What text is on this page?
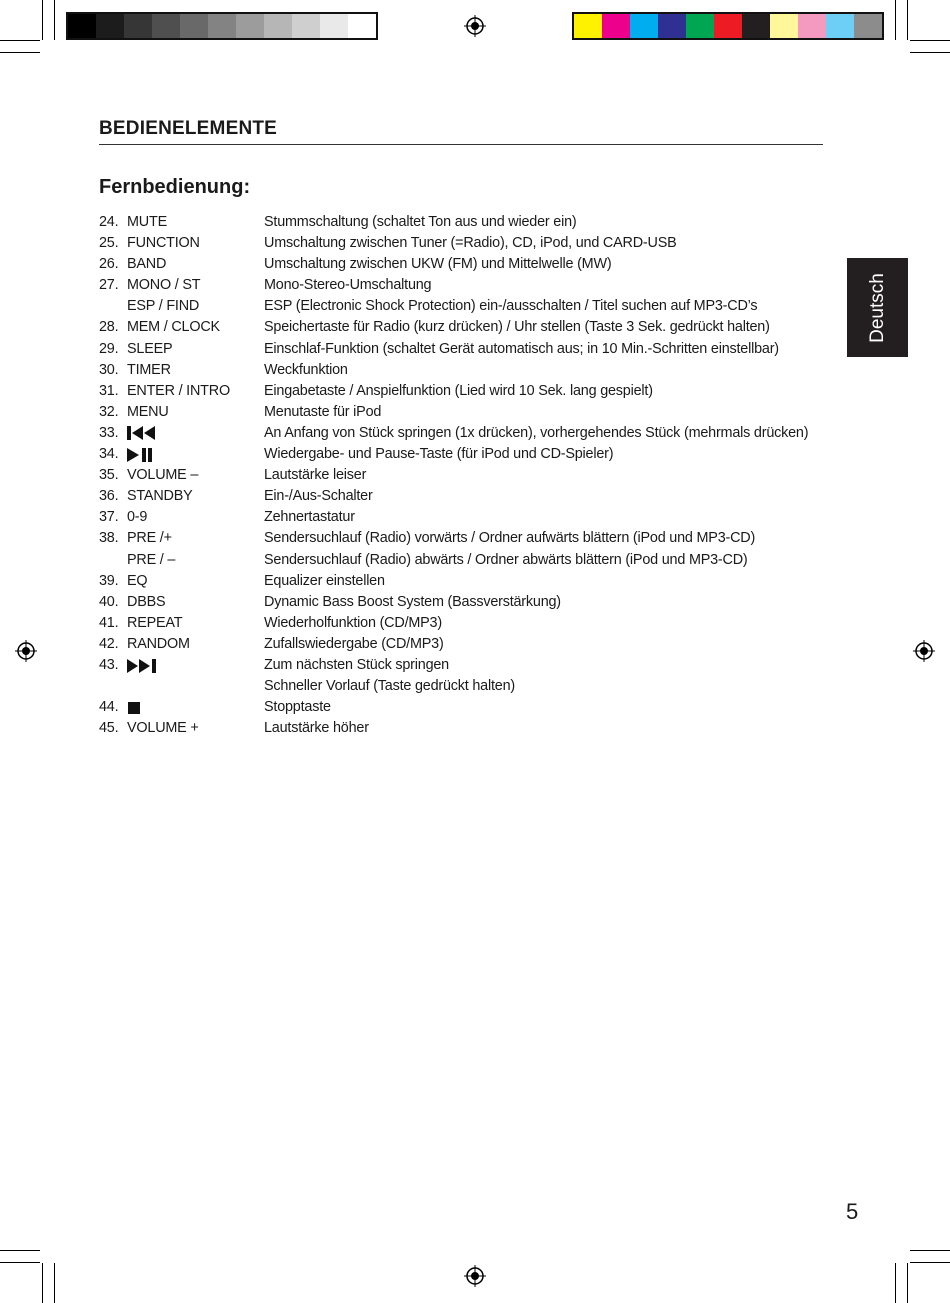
BEDIENELEMENTE
Fernbedienung:
24. MUTE	Stummschaltung (schaltet Ton aus und wieder ein)
25. FUNCTION	Umschaltung zwischen Tuner (=Radio), CD, iPod, und CARD-USB
26. BAND	Umschaltung zwischen UKW (FM) und Mittelwelle (MW)
27. MONO / ST	Mono-Stereo-Umschaltung
ESP / FIND	ESP (Electronic Shock Protection) ein-/ausschalten / Titel suchen auf MP3-CD’s
28. MEM / CLOCK	Speichertaste für Radio (kurz drücken) / Uhr stellen (Taste 3 Sek. gedrückt halten)
29. SLEEP	Einschlaf-Funktion (schaltet Gerät automatisch aus; in 10 Min.-Schritten einstellbar)
30. TIMER	Weckfunktion
31. ENTER / INTRO	Eingabetaste / Anspielfunktion (Lied wird 10 Sek. lang gespielt)
32. MENU	Menutaste für iPod
33.	An Anfang von Stück springen (1x drücken), vorhergehendes Stück (mehrmals drücken)
34.	Wiedergabe- und Pause-Taste (für iPod und CD-Spieler)
35. VOLUME –	Lautstärke leiser
36. STANDBY	Ein-/Aus-Schalter
37. 0-9	Zehnertastatur
38. PRE /+	Sendersuchlauf (Radio) vorwärts / Ordner aufwärts blättern (iPod und MP3-CD)
PRE / –	Sendersuchlauf (Radio) abwärts / Ordner abwärts blättern (iPod und MP3-CD)
39. EQ	Equalizer einstellen
40. DBBS	Dynamic Bass Boost System (Bassverstärkung)
41. REPEAT	Wiederholfunktion (CD/MP3)
42. RANDOM	Zufallswiedergabe (CD/MP3)
43.	Zum nächsten Stück springen
Schneller Vorlauf (Taste gedrückt halten)
44.	Stopptaste
45. VOLUME +	Lautstärke höher
Deutsch
5
